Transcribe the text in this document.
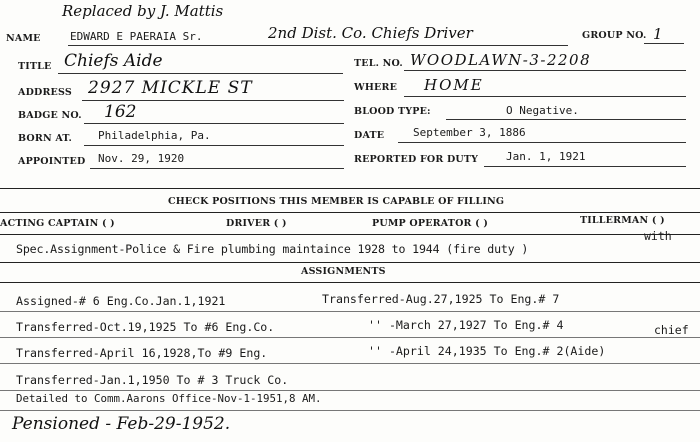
Replaced by J. Mattis
NAME	EDWARD E PAERAIA Sr.	2nd Dist. Co. Chiefs Driver	GROUP NO. 1
TITLE Chiefs Aide	TEL. NO. WOODLAWN-3-2208
ADDRESS 2927 MICKLE ST	WHERE HOME
BADGE NO. 162	BLOOD TYPE:	O Negative.
BORN AT. Philadelphia, Pa.	DATE	September 3, 1886
APPOINTED Nov. 29, 1920	REPORTED FOR DUTY	Jan. 1, 1921
CHECK POSITIONS THIS MEMBER IS CAPABLE OF FILLING
ACTING CAPTAIN ( )	DRIVER ( )	PUMP OPERATOR ( )	TILLERMAN ( )
with
Spec.Assignment-Police & Fire plumbing maintaince 1928 to 1944 (fire duty )
ASSIGNMENTS
Assigned-# 6 Eng.Co.Jan.1,1921	Transferred-Aug.27,1925 To Eng.# 7
Transferred-Oct.19,1925 To #6 Eng.Co.	'' -March 27,1927 To Eng.# 4	chief
Transferred-April 16,1928,To #9 Eng.	'' -April 24,1935 To Eng.# 2(Aide)
Transferred-Jan.1,1950 To # 3 Truck Co.
Detailed to Comm.Aarons Office-Nov-1-1951,8 AM.
Pensioned - Feb-29-1952.
